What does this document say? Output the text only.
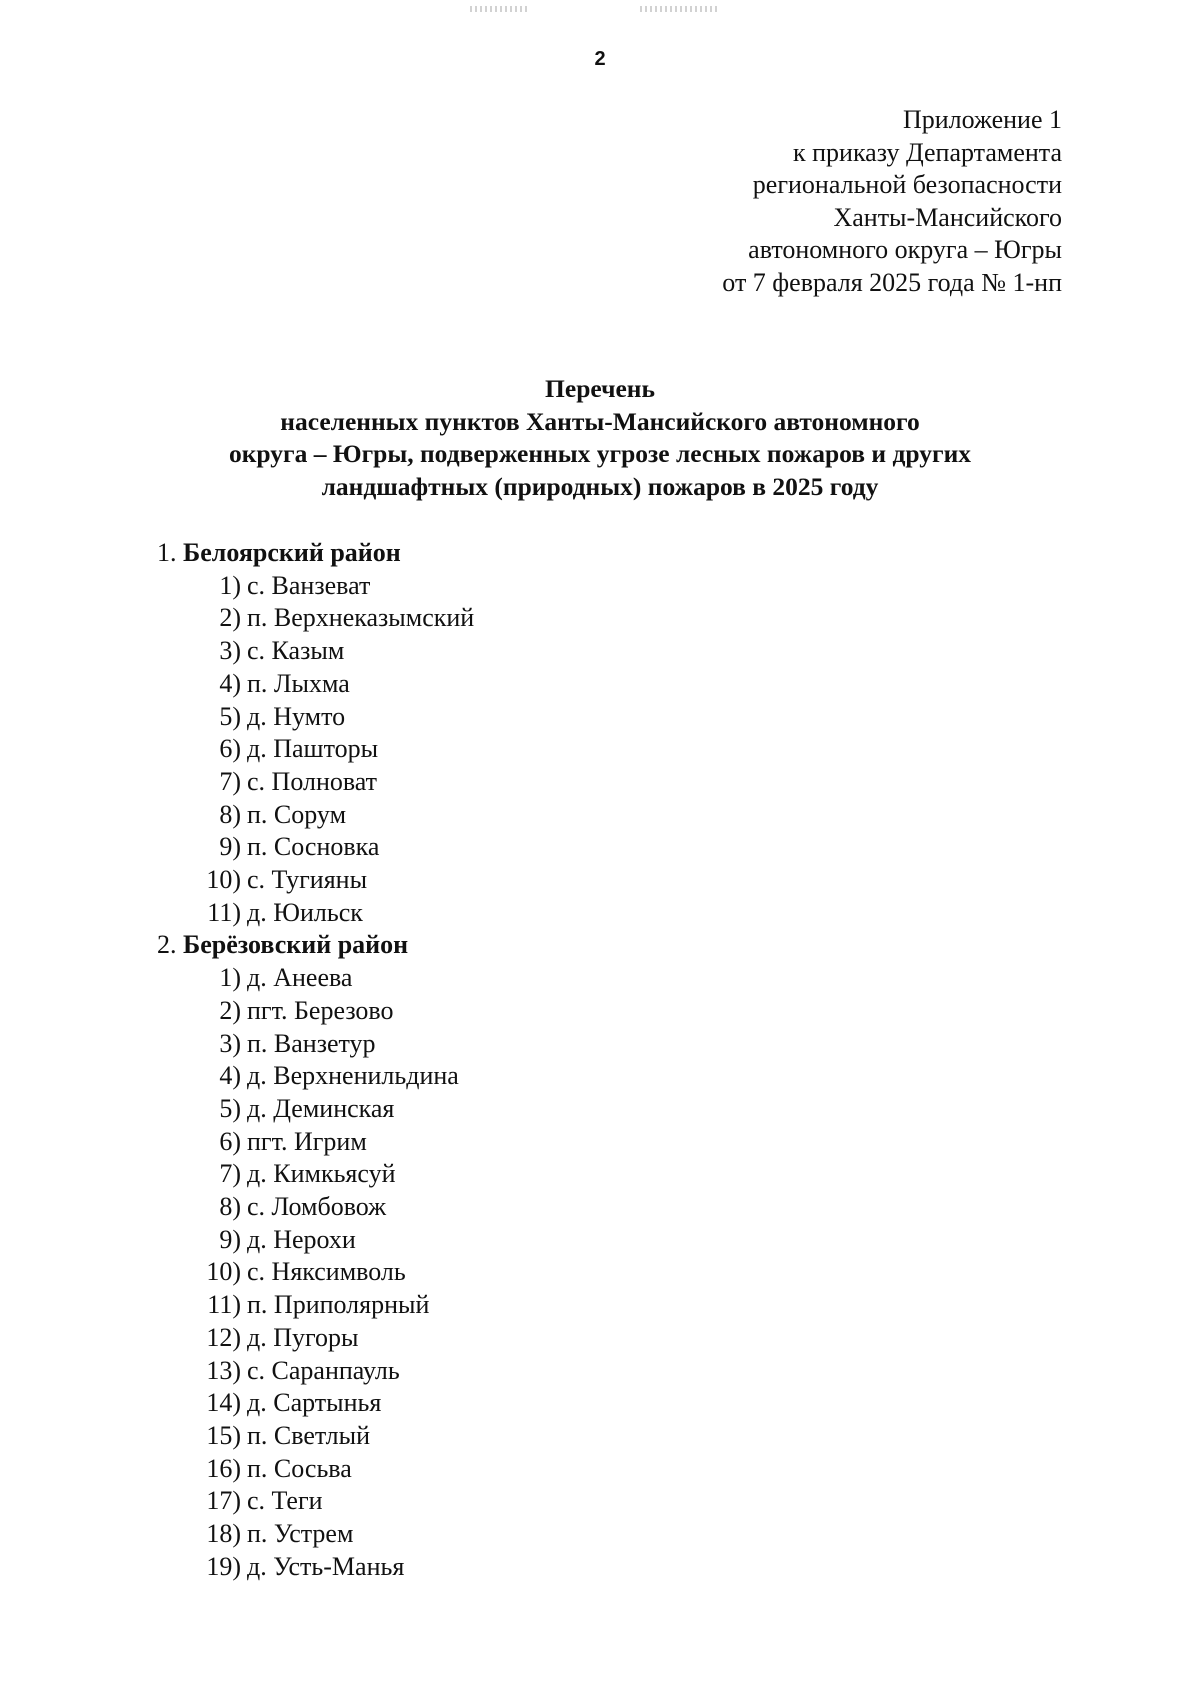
2
Приложение 1
к приказу Департамента
региональной безопасности
Ханты-Мансийского
автономного округа – Югры
от 7 февраля 2025 года № 1-нп
Перечень
населенных пунктов Ханты-Мансийского автономного
округа – Югры, подверженных угрозе лесных пожаров и других
ландшафтных (природных) пожаров в 2025 году
1. Белоярский район
1) с. Ванзеват
2) п. Верхнеказымский
3) с. Казым
4) п. Лыхма
5) д. Нумто
6) д. Пашторы
7) с. Полноват
8) п. Сорум
9) п. Сосновка
10) с. Тугияны
11) д. Юильск
2. Берёзовский район
1) д. Анеева
2) пгт. Березово
3) п. Ванзетур
4) д. Верхненильдина
5) д. Деминская
6) пгт. Игрим
7) д. Кимкьясуй
8) с. Ломбовож
9) д. Нерохи
10) с. Няксимволь
11) п. Приполярный
12) д. Пугоры
13) с. Саранпауль
14) д. Сартынья
15) п. Светлый
16) п. Сосьва
17) с. Теги
18) п. Устрем
19) д. Усть-Манья
